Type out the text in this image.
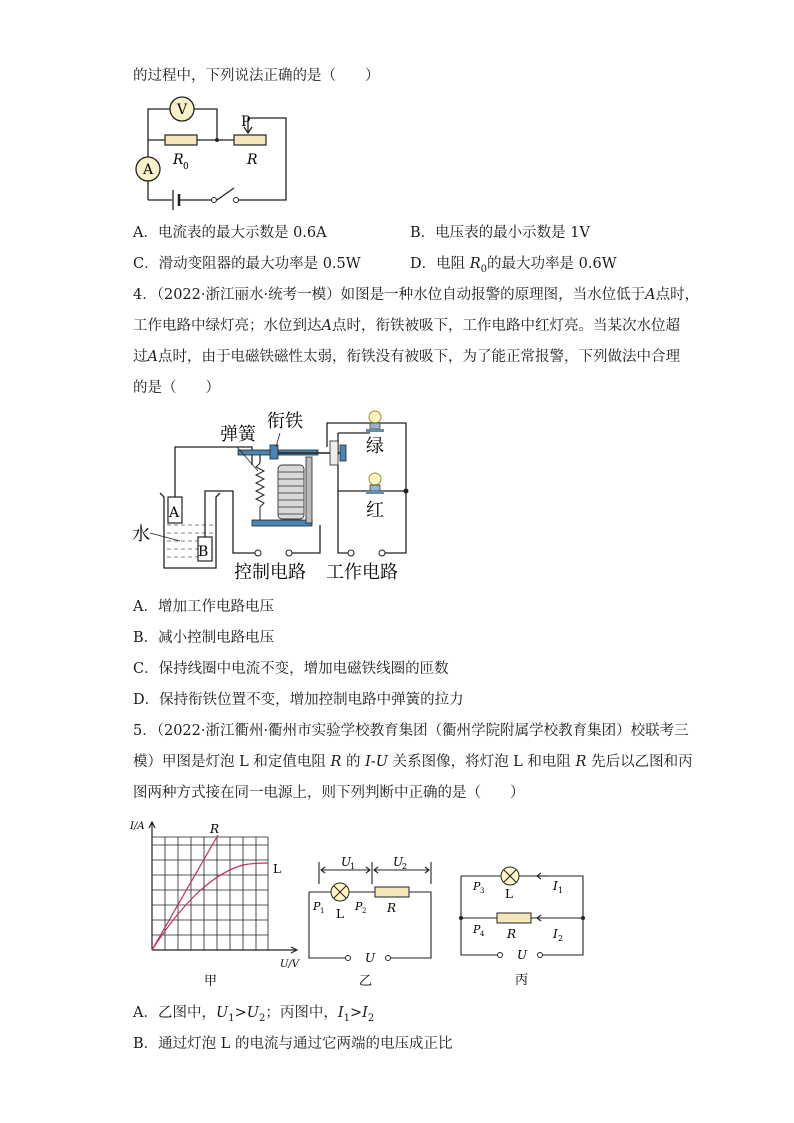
的过程中，下列说法正确的是（　　）
V
A
P
R 0	R
A．电流表的最大示数是 0.6A	B．电压表的最小示数是 1V
C．滑动变阻器的最大功率是 0.5W	D．电阻 $R_0$的最大功率是 0.6W
4．（2022·浙江丽水·统考一模）如图是一种水位自动报警的原理图，当水位低于A点时，
工作电路中绿灯亮；水位到达A点时，衔铁被吸下，工作电路中红灯亮。当某次水位超
过A点时，由于电磁铁磁性太弱，衔铁没有被吸下，为了能正常报警，下列做法中合理
的是（　　）
弹簧
衔铁
绿
红
水
A
B
控制电路 工作电路
A．增加工作电路电压
B．减小控制电路电压
C．保持线圈中电流不变，增加电磁铁线圈的匝数
D．保持衔铁位置不变，增加控制电路中弹簧的拉力
5．（2022·浙江衢州·衢州市实验学校教育集团（衢州学院附属学校教育集团）校联考三
模）甲图是灯泡 L 和定值电阻 R 的 I-U 关系图像，将灯泡 L 和电阻 R 先后以乙图和丙
图两种方式接在同一电源上，则下列判断中正确的是（　　）
I/A
U/V
R
L
甲
U
1	U
2
P 1	P 2
L	R
U
乙
P 3 L
I 1
P 4 R	I 2
U
丙
A．乙图中，$U_1>U_2$；丙图中，$I_1>I_2$
B．通过灯泡 L 的电流与通过它两端的电压成正比
